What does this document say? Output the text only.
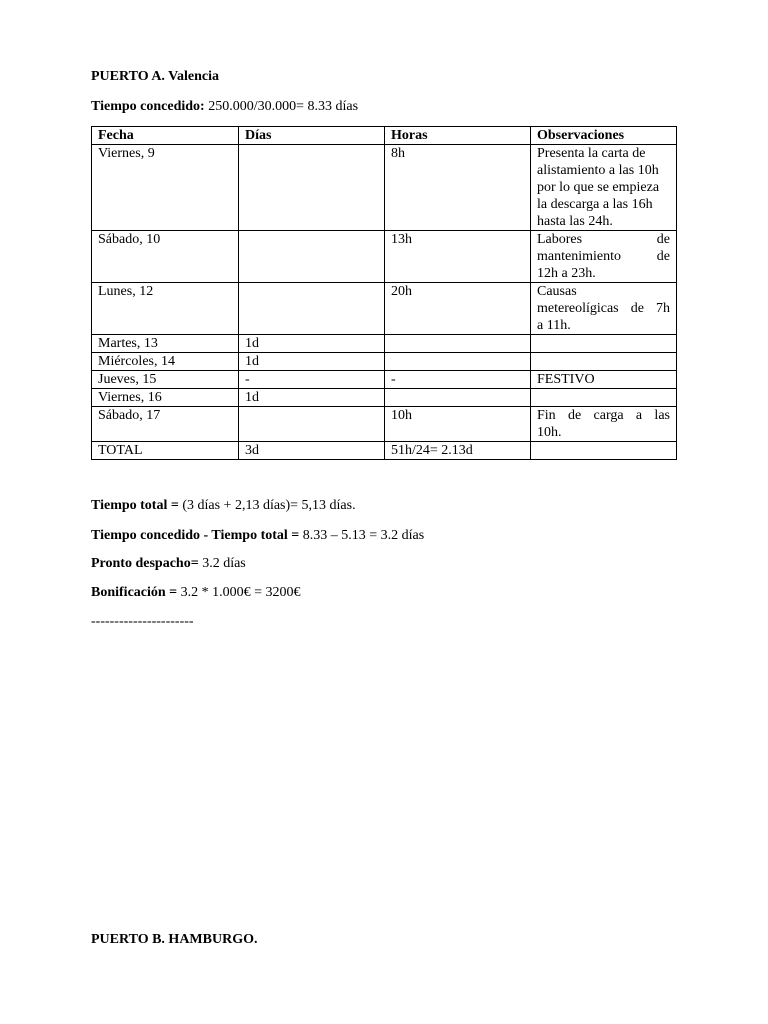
PUERTO A. Valencia

Tiempo concedido: 250.000/30.000= 8.33 días

Fecha	Días	Horas	Observaciones
Viernes, 9		8h	Presenta la carta de alistamiento a las 10h por lo que se empieza la descarga a las 16h hasta las 24h.
Sábado, 10		13h	Labores de
mantenimiento de
12h a 23h.

Lunes, 12		20h	Causas
metereolígicas de 7h
a 11h.

Martes, 13	1d		
Miércoles, 14	1d		
Jueves, 15	-	-	FESTIVO
Viernes, 16	1d		
Sábado, 17		10h	Fin de carga a las
10h.

TOTAL	3d	51h/24= 2.13d	

Tiempo total = (3 días + 2,13 días)= 5,13 días.

Tiempo concedido - Tiempo total = 8.33 – 5.13 = 3.2 días

Pronto despacho= 3.2 días

Bonificación = 3.2 * 1.000€ = 3200€

----------------------

PUERTO B. HAMBURGO.
